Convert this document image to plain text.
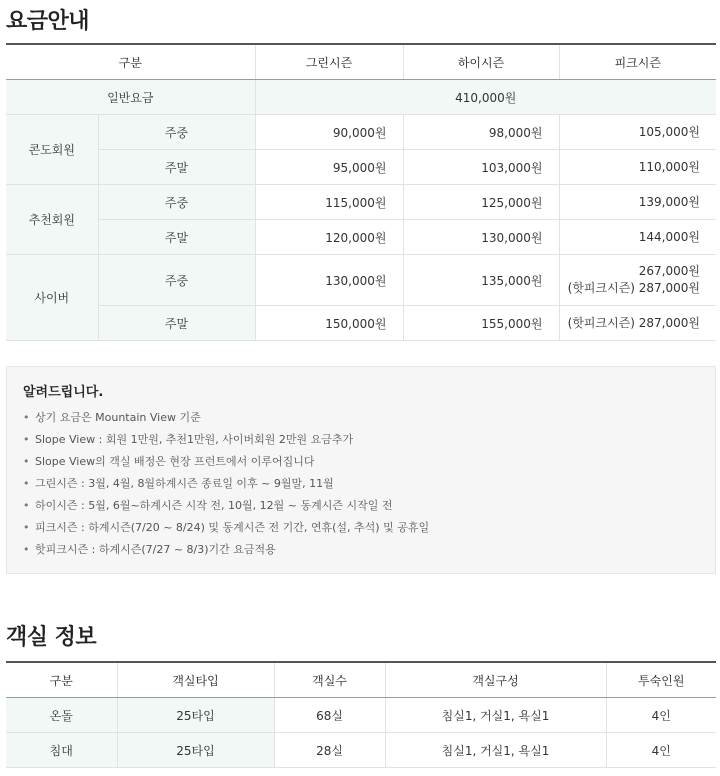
요금안내
구분		그린시즌	하이시즌	피크시즌
일반요금		410,000원		
콘도회원	주중	90,000원	98,000원	105,000원

	주말	95,000원	103,000원	110,000원

추천회원	주중	115,000원	125,000원	139,000원

	주말	120,000원	130,000원	144,000원

사이버	주중	130,000원	135,000원	267,000원
(핫피크시즌) 287,000원

	주말	150,000원	155,000원	(핫피크시즌) 287,000원
알려드립니다.
• 상기 요금은 Mountain View 기준
• Slope View : 회원 1만원, 추천1만원, 사이버회원 2만원 요금추가
• Slope View의 객실 배정은 현장 프런트에서 이루어집니다
• 그린시즌 : 3월, 4월, 8월하계시즌 종료일 이후 ~ 9월말, 11월
• 하이시즌 : 5월, 6월~하계시즌 시작 전, 10월, 12월 ~ 동계시즌 시작일 전
• 피크시즌 : 하계시즌(7/20 ~ 8/24) 및 동계시즌 전 기간, 연휴(설, 추석) 및 공휴일
• 핫피크시즌 : 하계시즌(7/27 ~ 8/3)기간 요금적용
객실 정보
구분	객실타입	객실수	객실구성	투숙인원
온돌	25타입	68실	침실1, 거실1, 욕실1	4인
침대	25타입	28실	침실1, 거실1, 욕실1	4인
